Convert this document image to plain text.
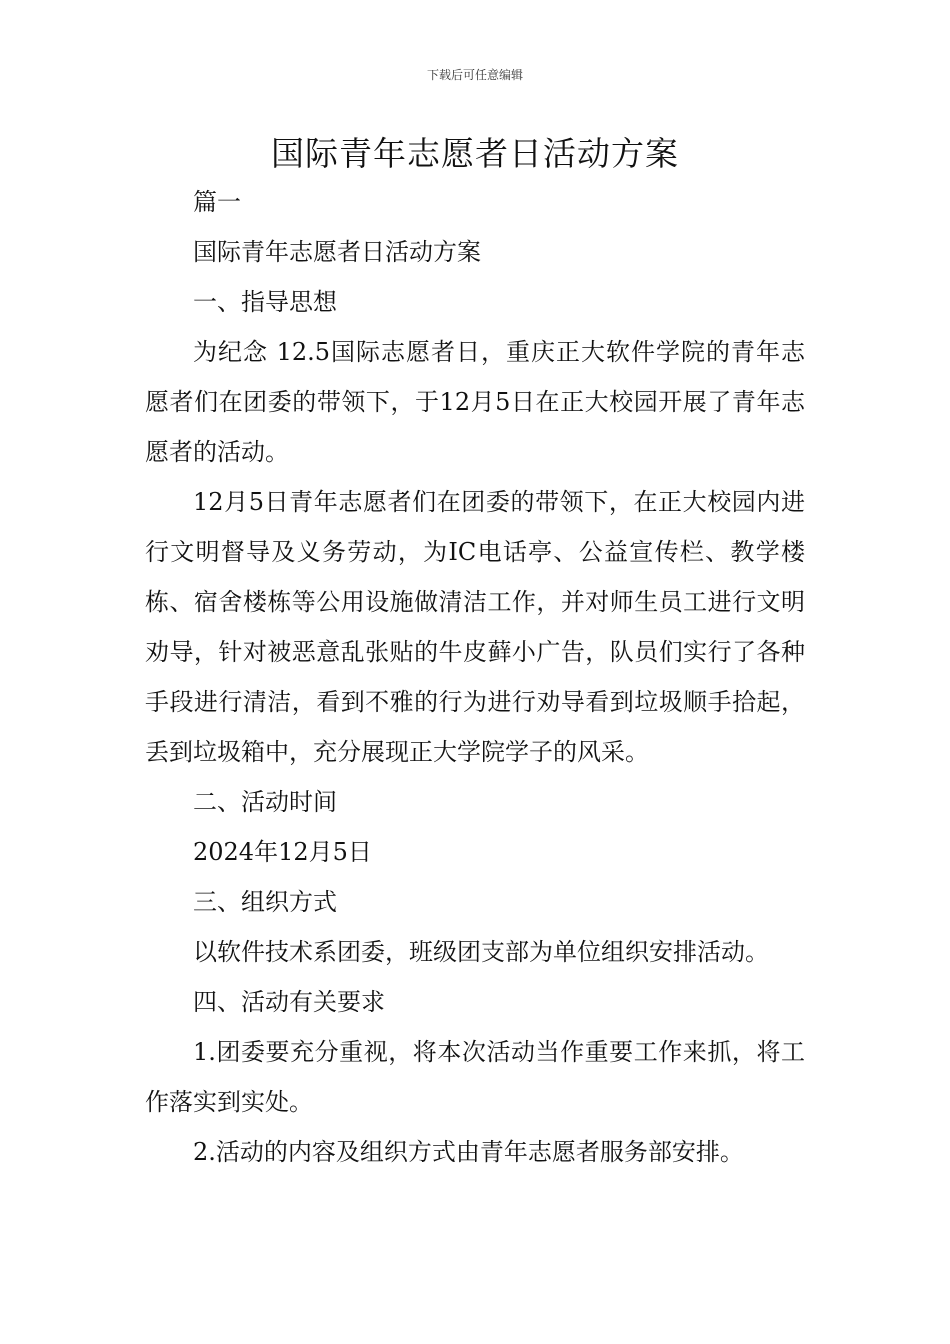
下载后可任意编辑
国际青年志愿者日活动方案

篇一

国际青年志愿者日活动方案

一、指导思想

为纪念 12.5国际志愿者日，重庆正大软件学院的青年志愿者们在团委的带领下，于12月5日在正大校园开展了青年志愿者的活动。

12月5日青年志愿者们在团委的带领下，在正大校园内进行文明督导及义务劳动，为IC电话亭、公益宣传栏、教学楼栋、宿舍楼栋等公用设施做清洁工作，并对师生员工进行文明劝导，针对被恶意乱张贴的牛皮藓小广告，队员们实行了各种手段进行清洁，看到不雅的行为进行劝导看到垃圾顺手拾起，丢到垃圾箱中，充分展现正大学院学子的风采。

二、活动时间

2024年12月5日

三、组织方式

以软件技术系团委，班级团支部为单位组织安排活动。

四、活动有关要求

1.团委要充分重视，将本次活动当作重要工作来抓，将工作落实到实处。

2.活动的内容及组织方式由青年志愿者服务部安排。
